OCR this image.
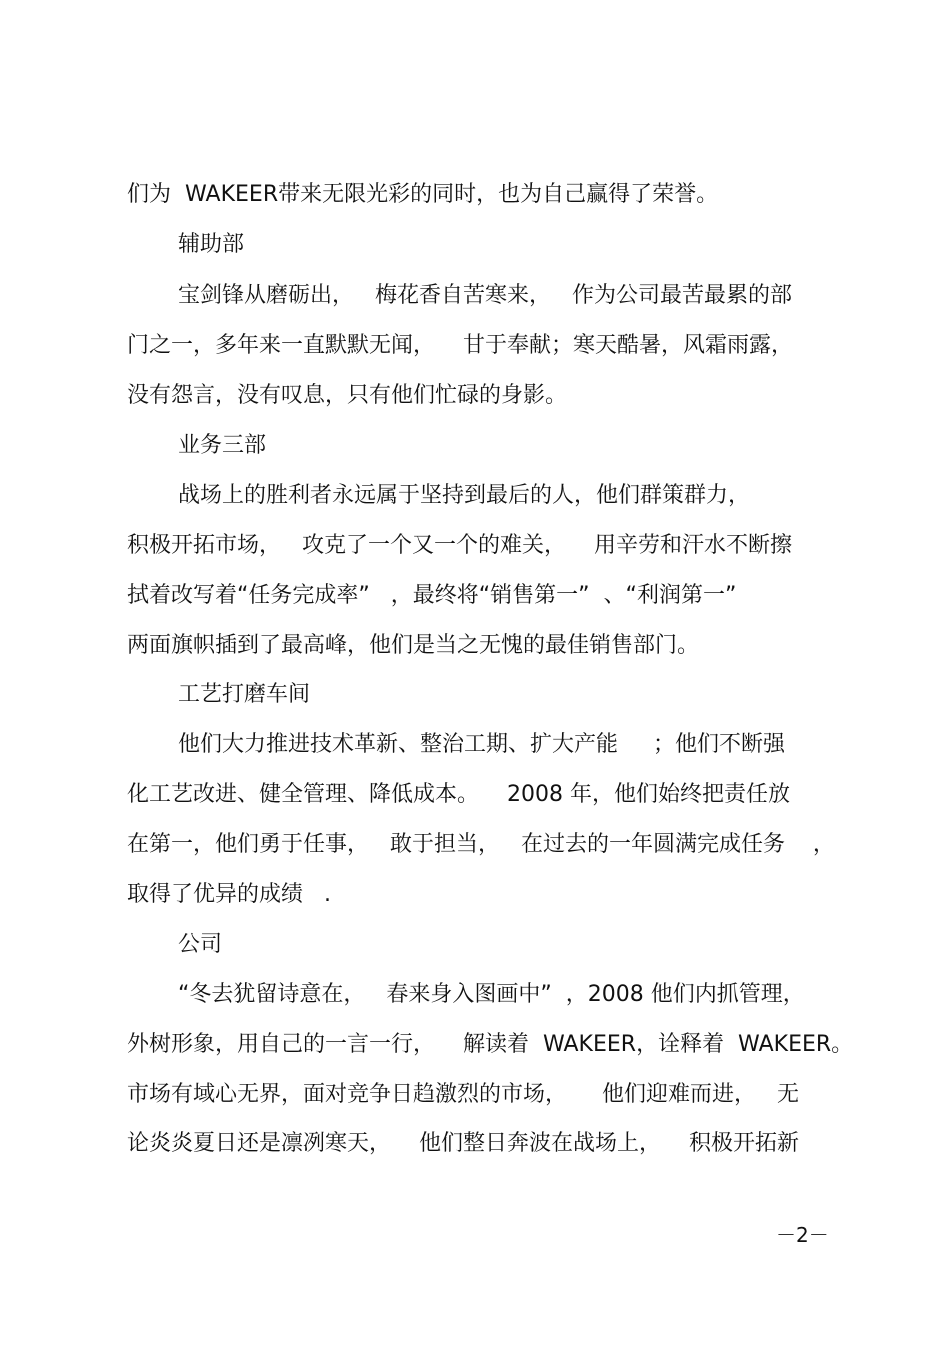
们为  WAKEER带来无限光彩的同时，也为自己赢得了荣誉。
辅助部
宝剑锋从磨砺出，   梅花香自苦寒来，   作为公司最苦最累的部
门之一，多年来一直默默无闻，    甘于奉献；寒天酷暑，风霜雨露，
没有怨言，没有叹息，只有他们忙碌的身影。
业务三部
战场上的胜利者永远属于坚持到最后的人，他们群策群力，
积极开拓市场，   攻克了一个又一个的难关，    用辛劳和汗水不断擦
拭着改写着“任务完成率”   ，最终将“销售第一”  、“利润第一”
两面旗帜插到了最高峰，他们是当之无愧的最佳销售部门。
工艺打磨车间
他们大力推进技术革新、整治工期、扩大产能     ；他们不断强
化工艺改进、健全管理、降低成本。    2008 年，他们始终把责任放
在第一，他们勇于任事，   敢于担当，   在过去的一年圆满完成任务    ，
取得了优异的成绩   .
公司
“冬去犹留诗意在，   春来身入图画中”  ，2008 他们内抓管理，
外树形象，用自己的一言一行，    解读着  WAKEER，诠释着  WAKEER。
市场有域心无界，面对竞争日趋激烈的市场，     他们迎难而进，   无
论炎炎夏日还是凛冽寒天，    他们整日奔波在战场上，    积极开拓新
－2－
